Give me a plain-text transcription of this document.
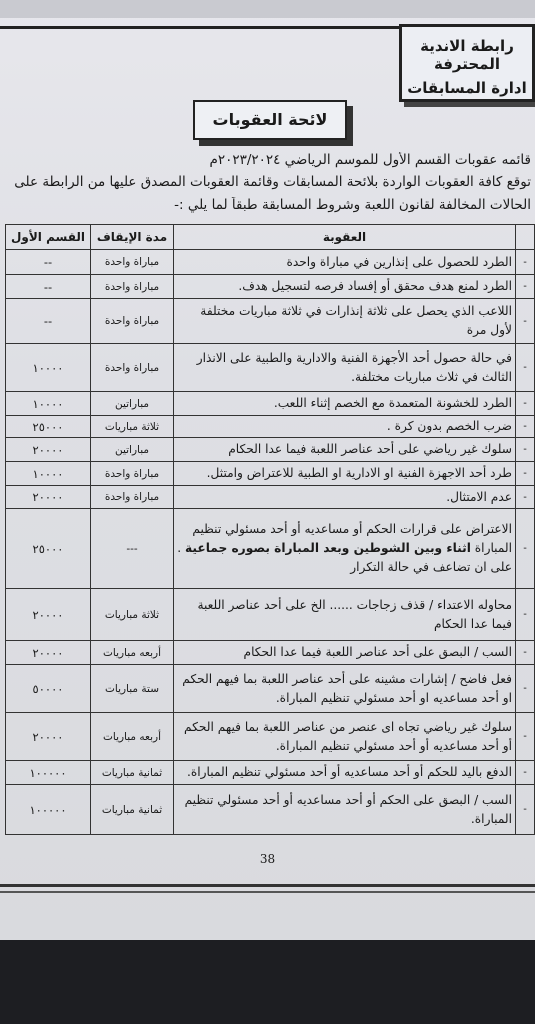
رابطة الاندية المحترفة
ادارة المسابقات
لائحة العقوبات
قائمه عقوبات القسم الأول للموسم الرياضي ٢٠٢٣/٢٠٢٤م
توقع كافة العقوبات الواردة بلائحة المسابقات وقائمة العقوبات المصدق عليها من الرابطة على
الحالات المخالفة لقانون اللعبة وشروط المسابقة طبقاً لما يلي :-
	العقوبة	مدة الإيقاف	القسم الأول
-	الطرد للحصول على إنذارين في مباراة واحدة	مباراة واحدة	--
-	الطرد لمنع هدف محقق أو إفساد فرصه لتسجيل هدف.	مباراة واحدة	--
-	اللاعب الذي يحصل على ثلاثة إنذارات في ثلاثة مباريات مختلفة لأول مرة	مباراة واحدة	--
-	في حالة حصول أحد الأجهزة الفنية والادارية والطبية على الانذار الثالث في ثلاث مباريات مختلفة.	مباراة واحدة	١٠٠٠٠
-	الطرد للخشونة المتعمدة مع الخصم إثناء اللعب.	مباراتين	١٠٠٠٠
-	ضرب الخصم بدون كرة .	ثلاثة مباريات	٢٥٠٠٠
-	سلوك غير رياضي على أحد عناصر اللعبة فيما عدا الحكام	مباراتين	٢٠٠٠٠
-	طرد أحد الاجهزة الفنية او الادارية او الطبية للاعتراض وامتثل.	مباراة واحدة	١٠٠٠٠
-	عدم الامتثال.	مباراة واحدة	٢٠٠٠٠
-	الاعتراض على قرارات الحكم أو مساعديه أو أحد مسئولي تنظيم المباراة اثناء وبين الشوطين وبعد المباراة بصوره جماعية . على ان تضاعف في حالة التكرار	---	٢٥٠٠٠
-	محاوله الاعتداء / قذف زجاجات ...... الخ على أحد عناصر اللعبة فيما عدا الحكام	ثلاثة مباريات	٢٠٠٠٠
-	السب / البصق على أحد عناصر اللعبة فيما عدا الحكام	أربعه مباريات	٢٠٠٠٠
-	فعل فاضح / إشارات مشينه على أحد عناصر اللعبة بما فيهم الحكم او أحد مساعديه او أحد مسئولي تنظيم المباراة.	ستة مباريات	٥٠٠٠٠
-	سلوك غير رياضي تجاه اى عنصر من عناصر اللعبة بما فيهم الحكم أو أحد مساعديه أو أحد مسئولي تنظيم المباراة.	أربعه مباريات	٢٠٠٠٠
-	الدفع باليد للحكم أو أحد مساعديه أو أحد مسئولي تنظيم المباراة.	ثمانية مباريات	١٠٠٠٠٠
-	السب / البصق على الحكم أو أحد مساعديه أو أحد مسئولي تنظيم المباراة.	ثمانية مباريات	١٠٠٠٠٠
38
